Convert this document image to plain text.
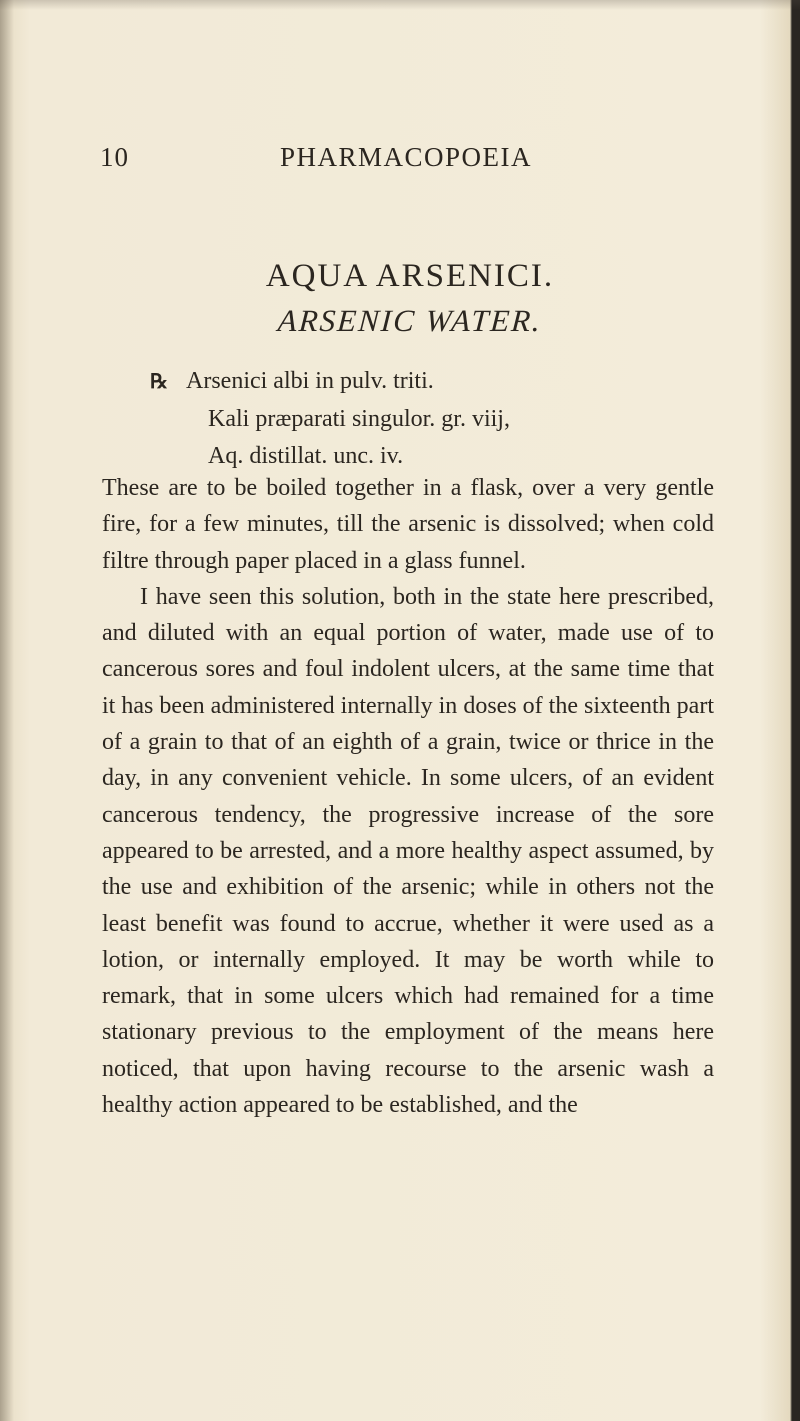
10	PHARMACOPOEIA
AQUA ARSENICI.
ARSENIC WATER.
℞ Arsenici albi in pulv. triti.
Kali præparati singulor. gr. viij,
Aq. distillat. unc. iv.

These are to be boiled together in a flask, over a very gentle fire, for a few minutes, till the arsenic is dissolved; when cold filtre through paper placed in a glass funnel.

I have seen this solution, both in the state here prescribed, and diluted with an equal portion of water, made use of to cancerous sores and foul indolent ulcers, at the same time that it has been administered internally in doses of the sixteenth part of a grain to that of an eighth of a grain, twice or thrice in the day, in any convenient vehicle. In some ulcers, of an evident cancerous tendency, the progressive increase of the sore appeared to be arrested, and a more healthy aspect assumed, by the use and exhibition of the arsenic; while in others not the least benefit was found to accrue, whether it were used as a lotion, or internally employed. It may be worth while to remark, that in some ulcers which had remained for a time stationary previous to the employment of the means here noticed, that upon having recourse to the arsenic wash a healthy action appeared to be established, and the
